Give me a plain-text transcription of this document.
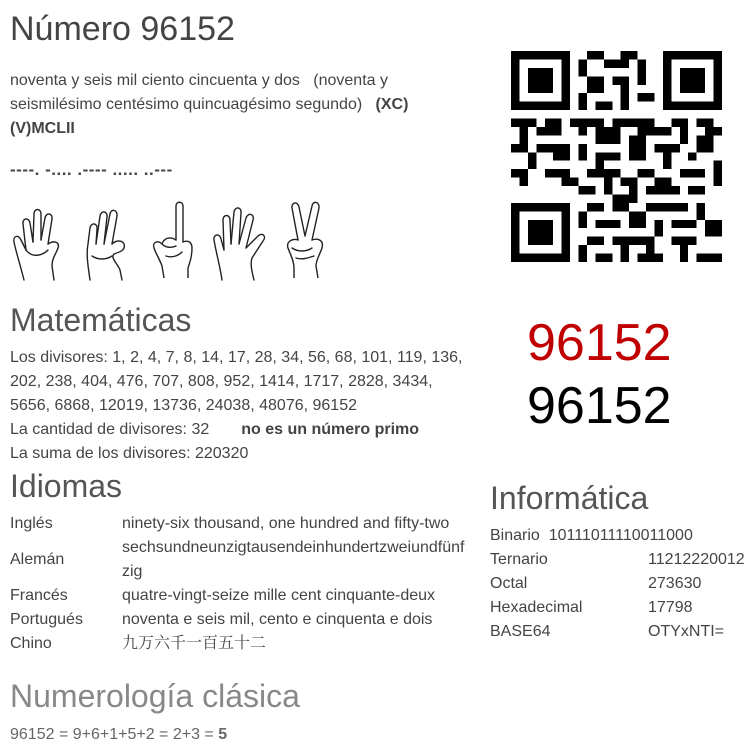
Número 96152
noventa y seis mil ciento cincuenta y dos (noventa y seismilésimo centésimo quincuagésimo segundo) (XC)(V)MCLII
----. -.... .---- ..... ..---
96152
96152
Matemáticas
Los divisores: 1, 2, 4, 7, 8, 14, 17, 28, 34, 56, 68, 101, 119, 136,
202, 238, 404, 476, 707, 808, 952, 1414, 1717, 2828, 3434,
5656, 6868, 12019, 13736, 24038, 48076, 96152
La cantidad de divisores: 32 no es un número primo
La suma de los divisores: 220320
Idiomas
Inglés	ninety-six thousand, one hundred and fifty-two
Alemán	sechsundneunzigtausendeinhundertzweiundfünf
zig

Francés	quatre-vingt-seize mille cent cinquante-deux
Portugués	noventa e seis mil, cento e cinquenta e dois
Chino	九万六千一百五十二
Informática
Binario 10111011110011000
Ternario	11212220012
Octal	273630
Hexadecimal	17798
BASE64	OTYxNTI=
Numerología clásica
96152 = 9+6+1+5+2 = 2+3 = 5
